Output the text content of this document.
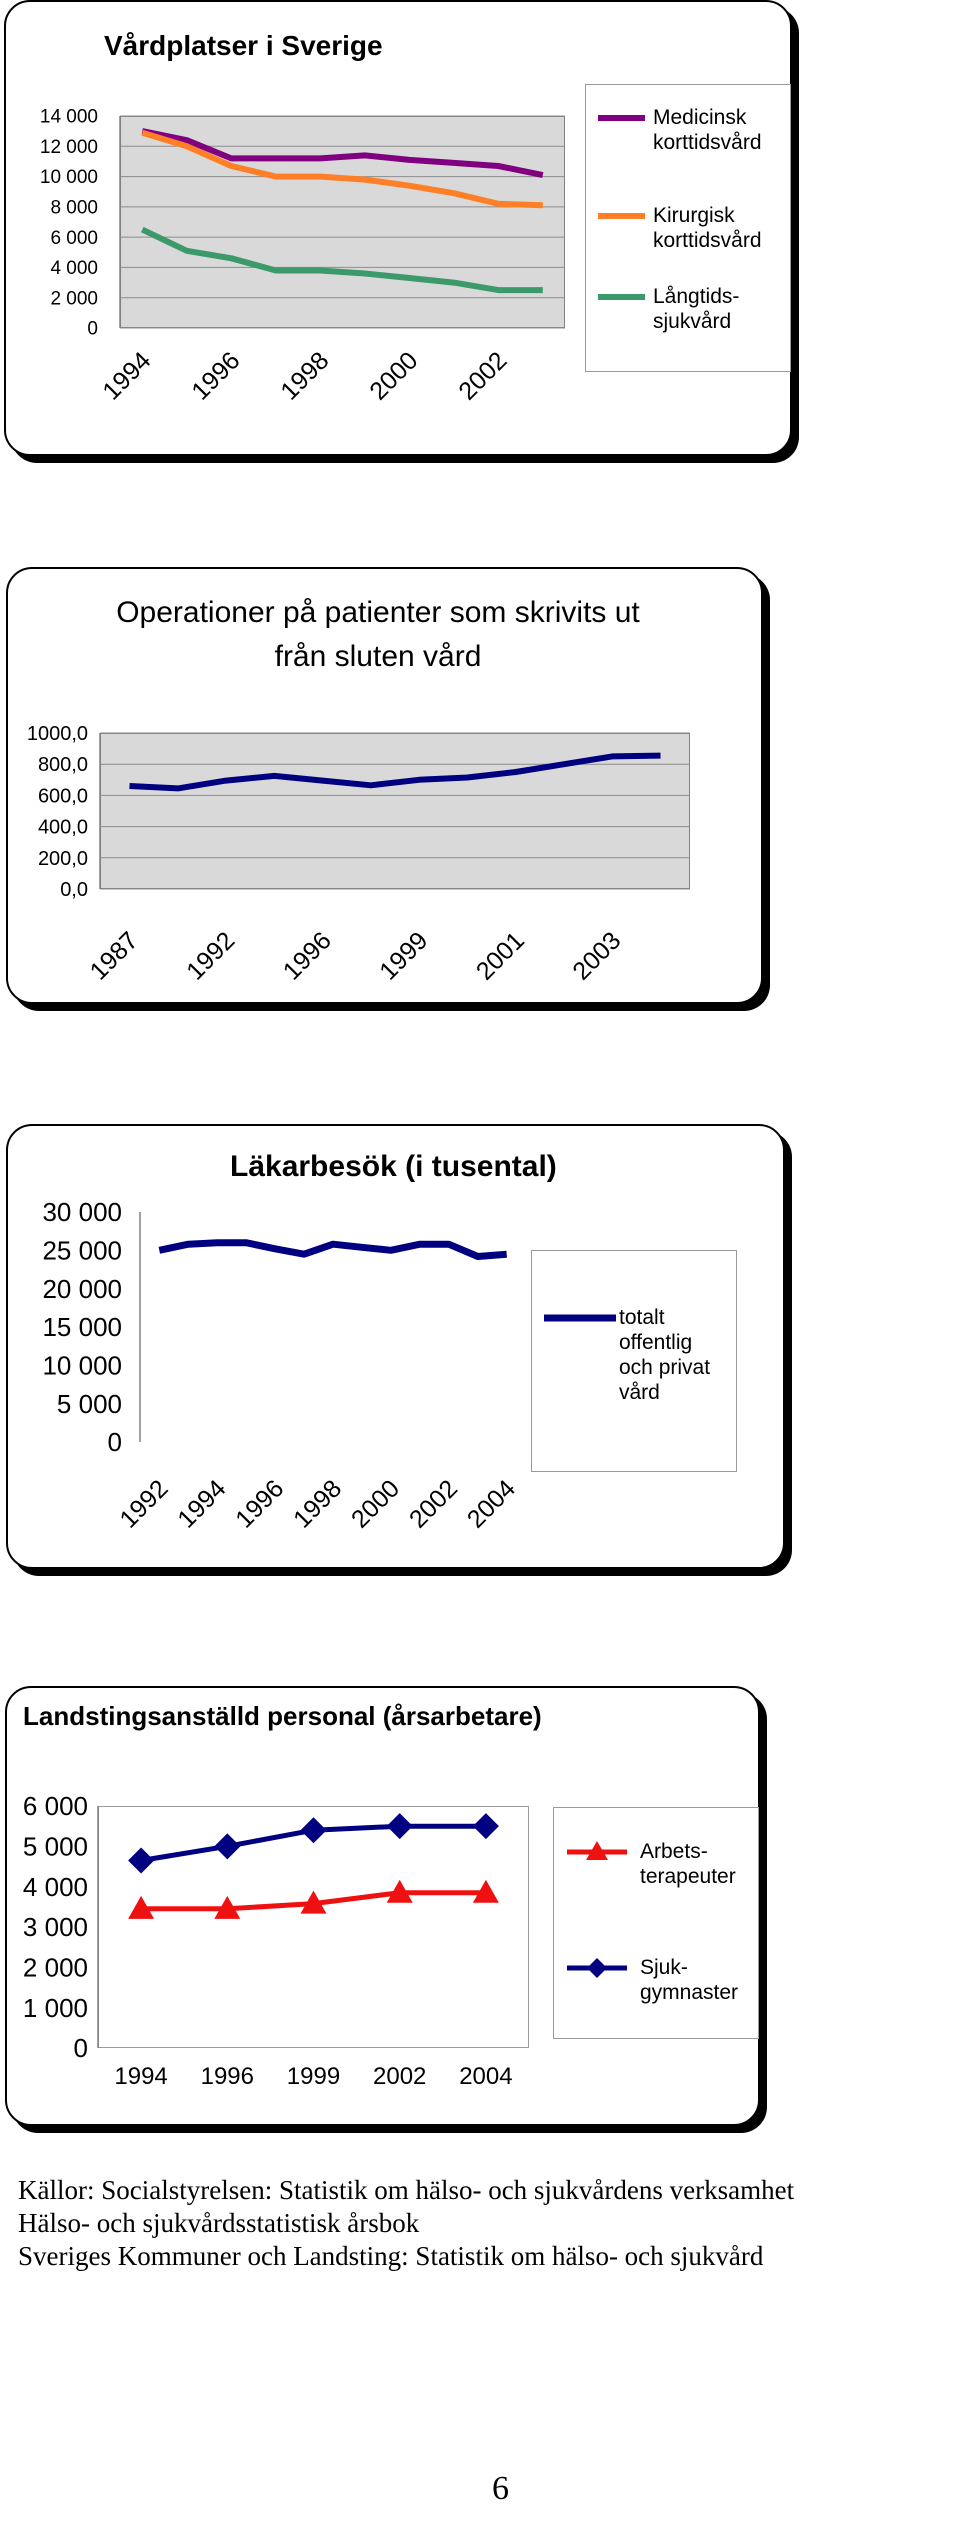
Vårdplatser i Sverige
Operationer på patienter som skrivits ut från sluten vård
Läkarbesök (i tusental)
Landstingsanställd personal (årsarbetare)
14 000
12 000
10 000
8 000
6 000
4 000
2 000
0
1994 1996 1998 2000 2002
Medicinsk
korttidsvård
Kirurgisk
korttidsvård
Långtids-
sjukvård
1000,0
800,0
600,0
400,0
200,0
0,0
1987 1992 1996 1999 2001 2003
30 000
25 000
20 000
15 000
10 000
5 000
0
1992
1994
1996
1998
2000
2002
2004
totalt
offentlig
och privat
vård
6 000
5 000
4 000
3 000
2 000
1 000
0
1994 1996 1999 2002 2004
Arbets-
terapeuter
Sjuk-
gymnaster
Källor: Socialstyrelsen: Statistik om hälso- och sjukvårdens verksamhet
Hälso- och sjukvårdsstatistisk årsbok
Sveriges Kommuner och Landsting: Statistik om hälso- och sjukvård
6
